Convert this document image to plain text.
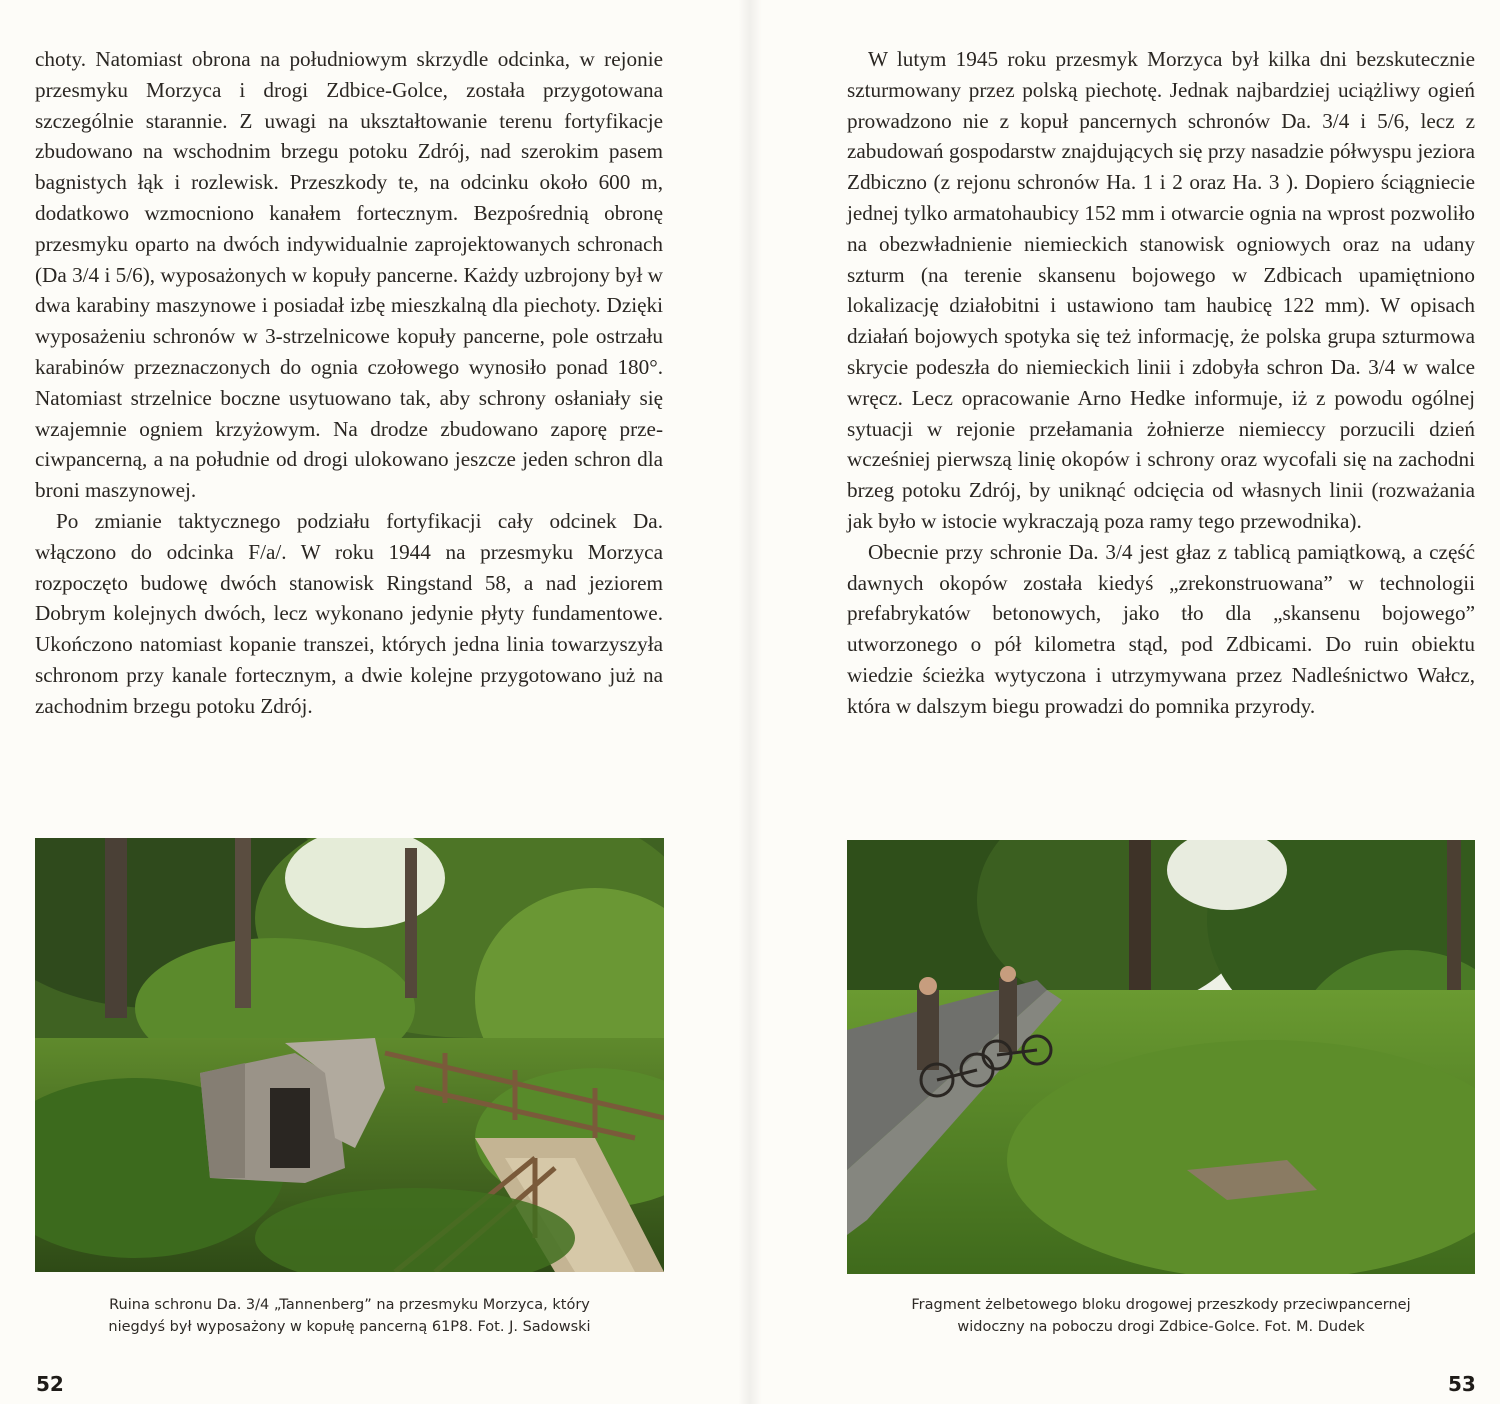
choty. Natomiast obrona na południowym skrzydle odcinka, w rejonie przesmyku Morzyca i drogi Zdbice-Golce, została przygotowana szczególnie starannie. Z uwagi na ukształtowanie terenu fortyfikacje zbudowano na wschodnim brzegu potoku Zdrój, nad szerokim pasem bagnistych łąk i rozlewisk. Przeszkody te, na odcinku około 600 m, dodatkowo wzmocniono kanałem fortecznym. Bezpośrednią obronę przesmyku oparto na dwóch indywidualnie zaprojektowanych schronach (Da 3/4 i 5/6), wyposażonych w kopuły pancerne. Każdy uzbrojony był w dwa karabiny maszynowe i posiadał izbę mieszkalną dla piechoty. Dzięki wyposażeniu schronów w 3-strzelnicowe kopuły pancerne, pole ostrzału karabinów przeznaczonych do ognia czołowego wynosiło ponad 180°. Natomiast strzelnice boczne usytuowano tak, aby schrony osłaniały się wzajemnie ogniem krzyżowym. Na drodze zbudowano zaporę przeciwpancerną, a na południe od drogi ulokowano jeszcze jeden schron dla broni maszynowej.

Po zmianie taktycznego podziału fortyfikacji cały odcinek Da. włączono do odcinka F/a/. W roku 1944 na przesmyku Morzyca rozpoczęto budowę dwóch stanowisk Ringstand 58, a nad jeziorem Dobrym kolejnych dwóch, lecz wykonano jedynie płyty fundamentowe. Ukończono natomiast kopanie transzei, których jedna linia towarzyszyła schronom przy kanale fortecznym, a dwie kolejne przygotowano już na zachodnim brzegu potoku Zdrój.

Ruina schronu Da. 3/4 „Tannenberg” na przesmyku Morzyca, który
niegdyś był wyposażony w kopułę pancerną 61P8. Fot. J. Sadowski
52

W lutym 1945 roku przesmyk Morzyca był kilka dni bezskutecznie szturmowany przez polską piechotę. Jednak najbardziej uciążliwy ogień prowadzono nie z kopuł pancernych schronów Da. 3/4 i 5/6, lecz z zabudowań gospodarstw znajdujących się przy nasadzie półwyspu jeziora Zdbiczno (z rejonu schronów Ha. 1 i 2 oraz Ha. 3 ). Dopiero ściągniecie jednej tylko armatohaubicy 152 mm i otwarcie ognia na wprost pozwoliło na obezwładnienie niemieckich stanowisk ogniowych oraz na udany szturm (na terenie skansenu bojowego w Zdbicach upamiętniono lokalizację działobitni i ustawiono tam haubicę 122 mm). W opisach działań bojowych spotyka się też informację, że polska grupa szturmowa skrycie podeszła do niemieckich linii i zdobyła schron Da. 3/4 w walce wręcz. Lecz opracowanie Arno Hedke informuje, iż z powodu ogólnej sytuacji w rejonie przełamania żołnierze niemieccy porzucili dzień wcześniej pierwszą linię okopów i schrony oraz wycofali się na zachodni brzeg potoku Zdrój, by uniknąć odcięcia od własnych linii (rozważania jak było w istocie wykraczają poza ramy tego przewodnika).

Obecnie przy schronie Da. 3/4 jest głaz z tablicą pamiątkową, a część dawnych okopów została kiedyś „zrekonstruowana” w technologii prefabrykatów betonowych, jako tło dla „skansenu bojowego” utworzonego o pół kilometra stąd, pod Zdbicami. Do ruin obiektu wiedzie ścieżka wytyczona i utrzymywana przez Nadleśnictwo Wałcz, która w dalszym biegu prowadzi do pomnika przyrody.

Fragment żelbetowego bloku drogowej przeszkody przeciwpancernej
widoczny na poboczu drogi Zdbice-Golce. Fot. M. Dudek
53
